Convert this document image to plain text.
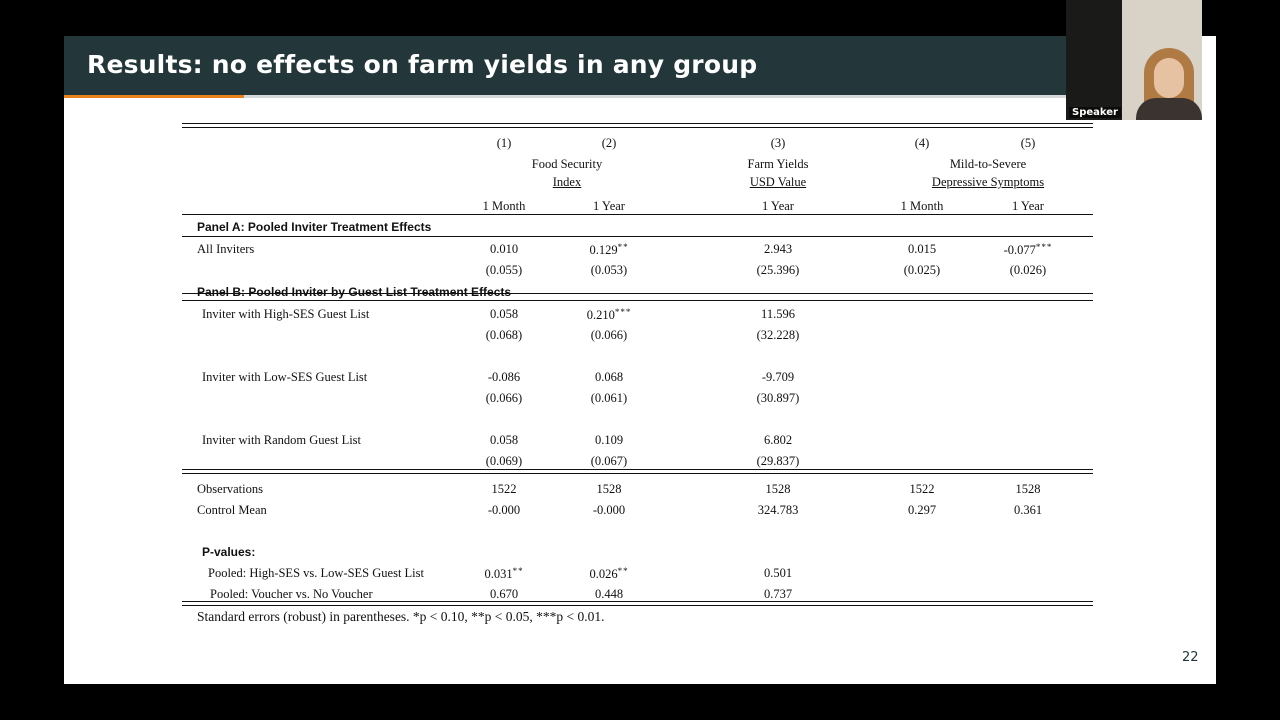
Results: no effects on farm yields in any group
(1)	(2)	(3)	(4)	(5)
Food Security
Index
Farm Yields
USD Value
Mild-to-Severe
Depressive Symptoms
1 Month	1 Year	1 Year	1 Month	1 Year
Panel A: Pooled Inviter Treatment Effects
All Inviters	0.010	0.129**	2.943	0.015	-0.077***
(0.055)	(0.053)	(25.396)	(0.025)	(0.026)
Panel B: Pooled Inviter by Guest List Treatment Effects
Inviter with High-SES Guest List	0.058	0.210***	11.596
(0.068)	(0.066)	(32.228)
Inviter with Low-SES Guest List	-0.086	0.068	-9.709
(0.066)	(0.061)	(30.897)
Inviter with Random Guest List	0.058	0.109	6.802
(0.069)	(0.067)	(29.837)
Observations	1522	1528	1528	1522	1528
Control Mean	-0.000	-0.000	324.783	0.297	0.361
P-values:
Pooled: High-SES vs. Low-SES Guest List	0.031**	0.026**	0.501
Pooled: Voucher vs. No Voucher	0.670	0.448	0.737
Standard errors (robust) in parentheses. *p < 0.10, **p < 0.05, ***p < 0.01.
22
Speaker
